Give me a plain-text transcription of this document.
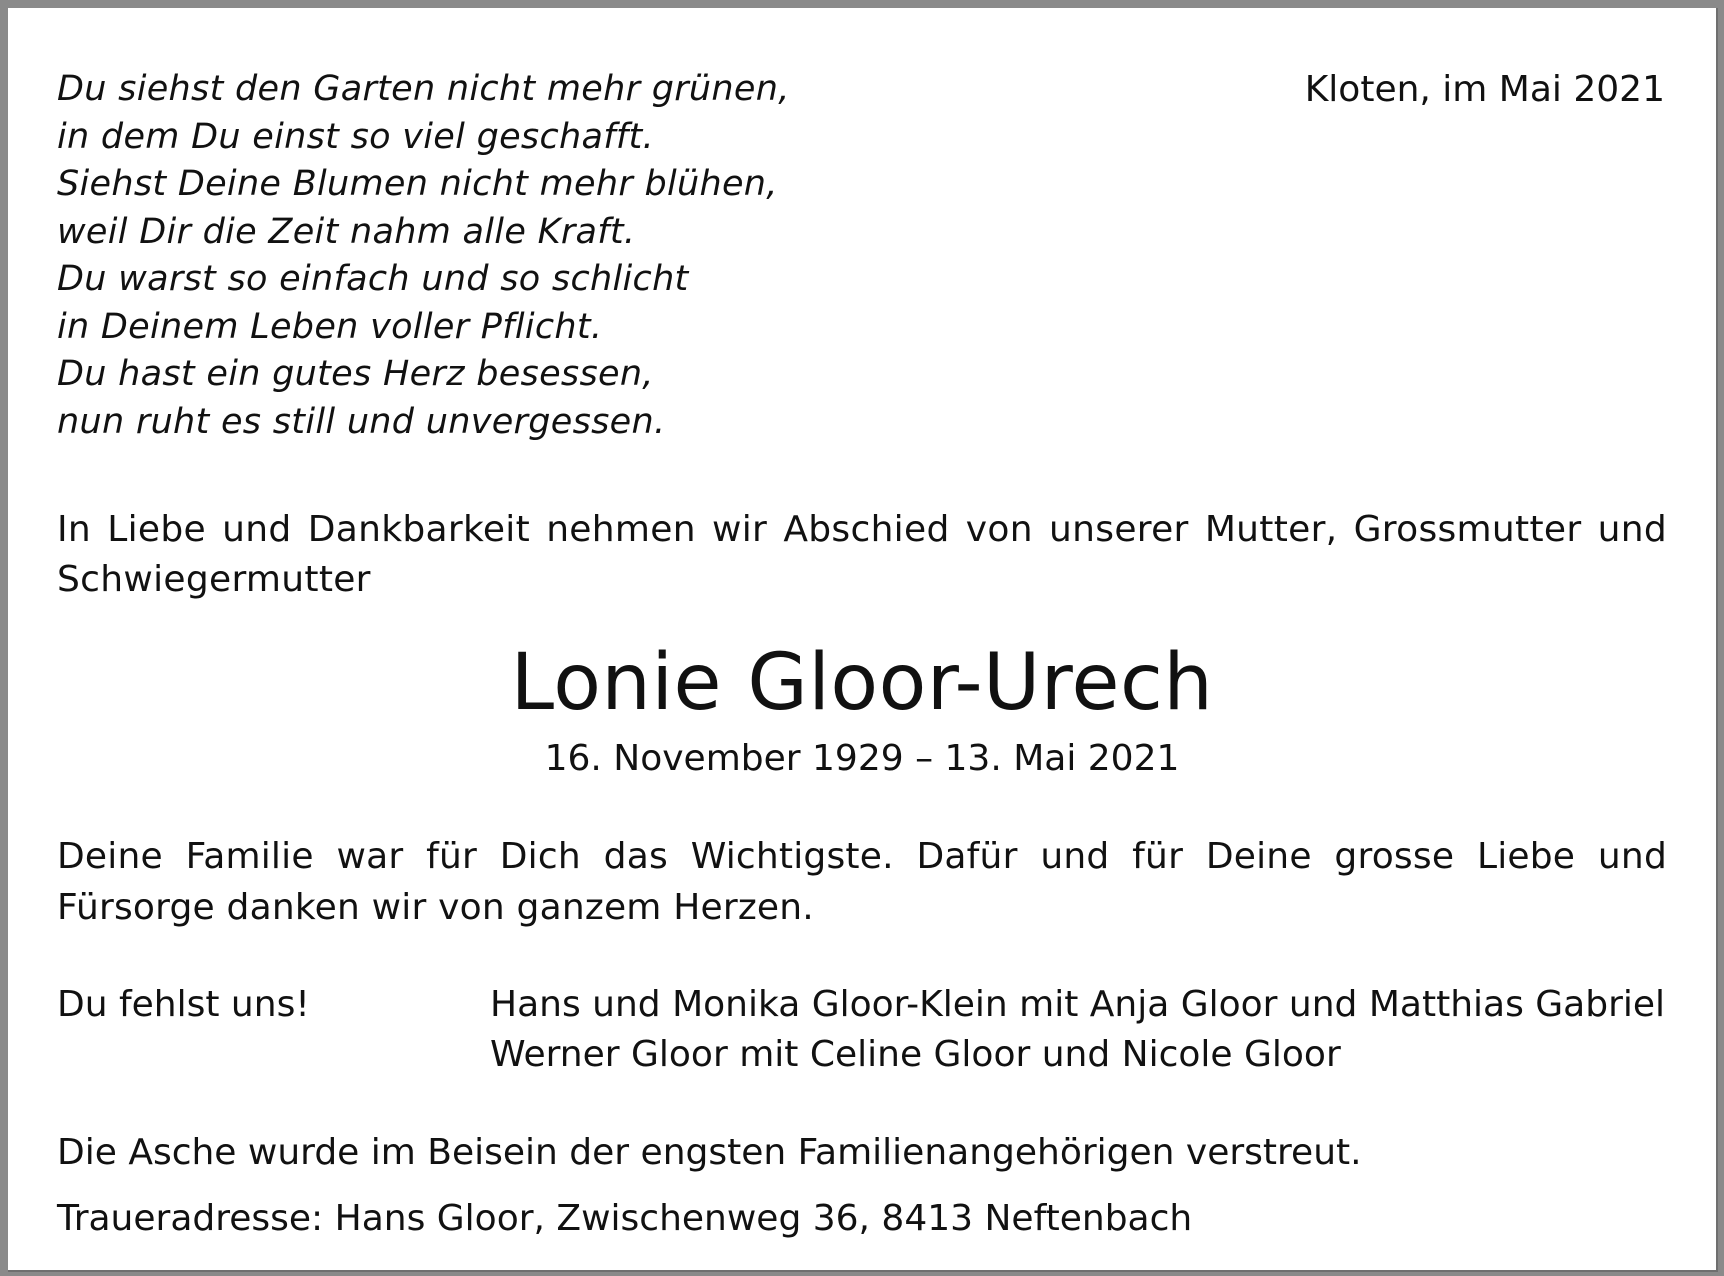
Du siehst den Garten nicht mehr grünen,
in dem Du einst so viel geschafft.
Siehst Deine Blumen nicht mehr blühen,
weil Dir die Zeit nahm alle Kraft.
Du warst so einfach und so schlicht
in Deinem Leben voller Pflicht.
Du hast ein gutes Herz besessen,
nun ruht es still und unvergessen.
Kloten, im Mai 2021
In Liebe und Dankbarkeit nehmen wir Abschied von unserer Mutter, Grossmutter und Schwiegermutter
Lonie Gloor-Urech
16. November 1929 – 13. Mai 2021
Deine Familie war für Dich das Wichtigste. Dafür und für Deine grosse Liebe und Fürsorge danken wir von ganzem Herzen.
Du fehlst uns!	Hans und Monika Gloor-Klein mit Anja Gloor und Matthias Gabriel
Werner Gloor mit Celine Gloor und Nicole Gloor
Die Asche wurde im Beisein der engsten Familienangehörigen verstreut.
Traueradresse: Hans Gloor, Zwischenweg 36, 8413 Neftenbach
